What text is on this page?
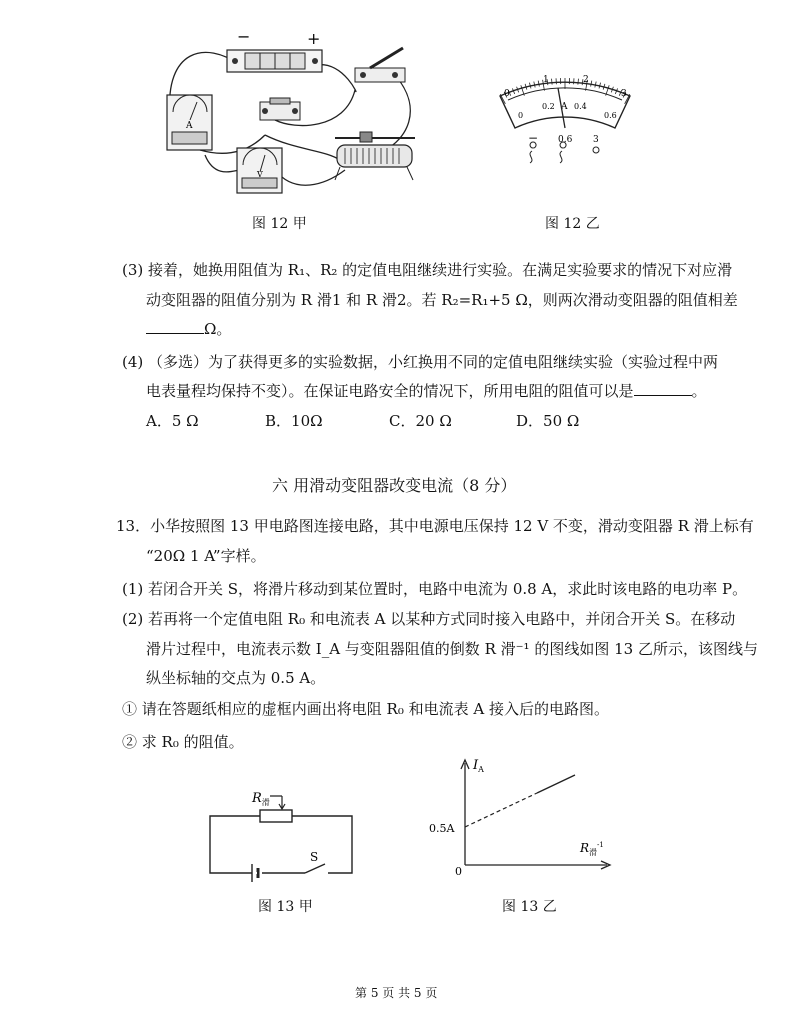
−	+
A
V
0
1	2
3
0
0.2 A 0.4
0.6
− 0.6 3
图 12 甲	图 12 乙
(3) 接着，她换用阻值为 R₁、R₂ 的定值电阻继续进行实验。在满足实验要求的情况下对应滑
动变阻器的阻值分别为 R 滑1 和 R 滑2。若 R₂=R₁+5 Ω，则两次滑动变阻器的阻值相差
Ω。
(4) （多选）为了获得更多的实验数据，小红换用不同的定值电阻继续实验（实验过程中两
电表量程均保持不变）。在保证电路安全的情况下，所用电阻的阻值可以是	。
A．5 Ω	B．10Ω	C．20 Ω	D．50 Ω
六 用滑动变阻器改变电流（8 分）
13．小华按照图 13 甲电路图连接电路，其中电源电压保持 12 V 不变，滑动变阻器 R 滑上标有
“20Ω 1 A”字样。
(1) 若闭合开关 S，将滑片移动到某位置时，电路中电流为 0.8 A，求此时该电路的电功率 P。
(2) 若再将一个定值电阻 R₀ 和电流表 A 以某种方式同时接入电路中，并闭合开关 S。在移动
滑片过程中，电流表示数 I_A 与变阻器阻值的倒数 R 滑⁻¹ 的图线如图 13 乙所示，该图线与
纵坐标轴的交点为 0.5 A。
① 请在答题纸相应的虚框内画出将电阻 R₀ 和电流表 A 接入后的电路图。
② 求 R₀ 的阻值。
$R_滑$
S
$I_A$
0.5A
0
$R_滑^{-1}$
图 13 甲	图 13 乙
第 5 页 共 5 页
